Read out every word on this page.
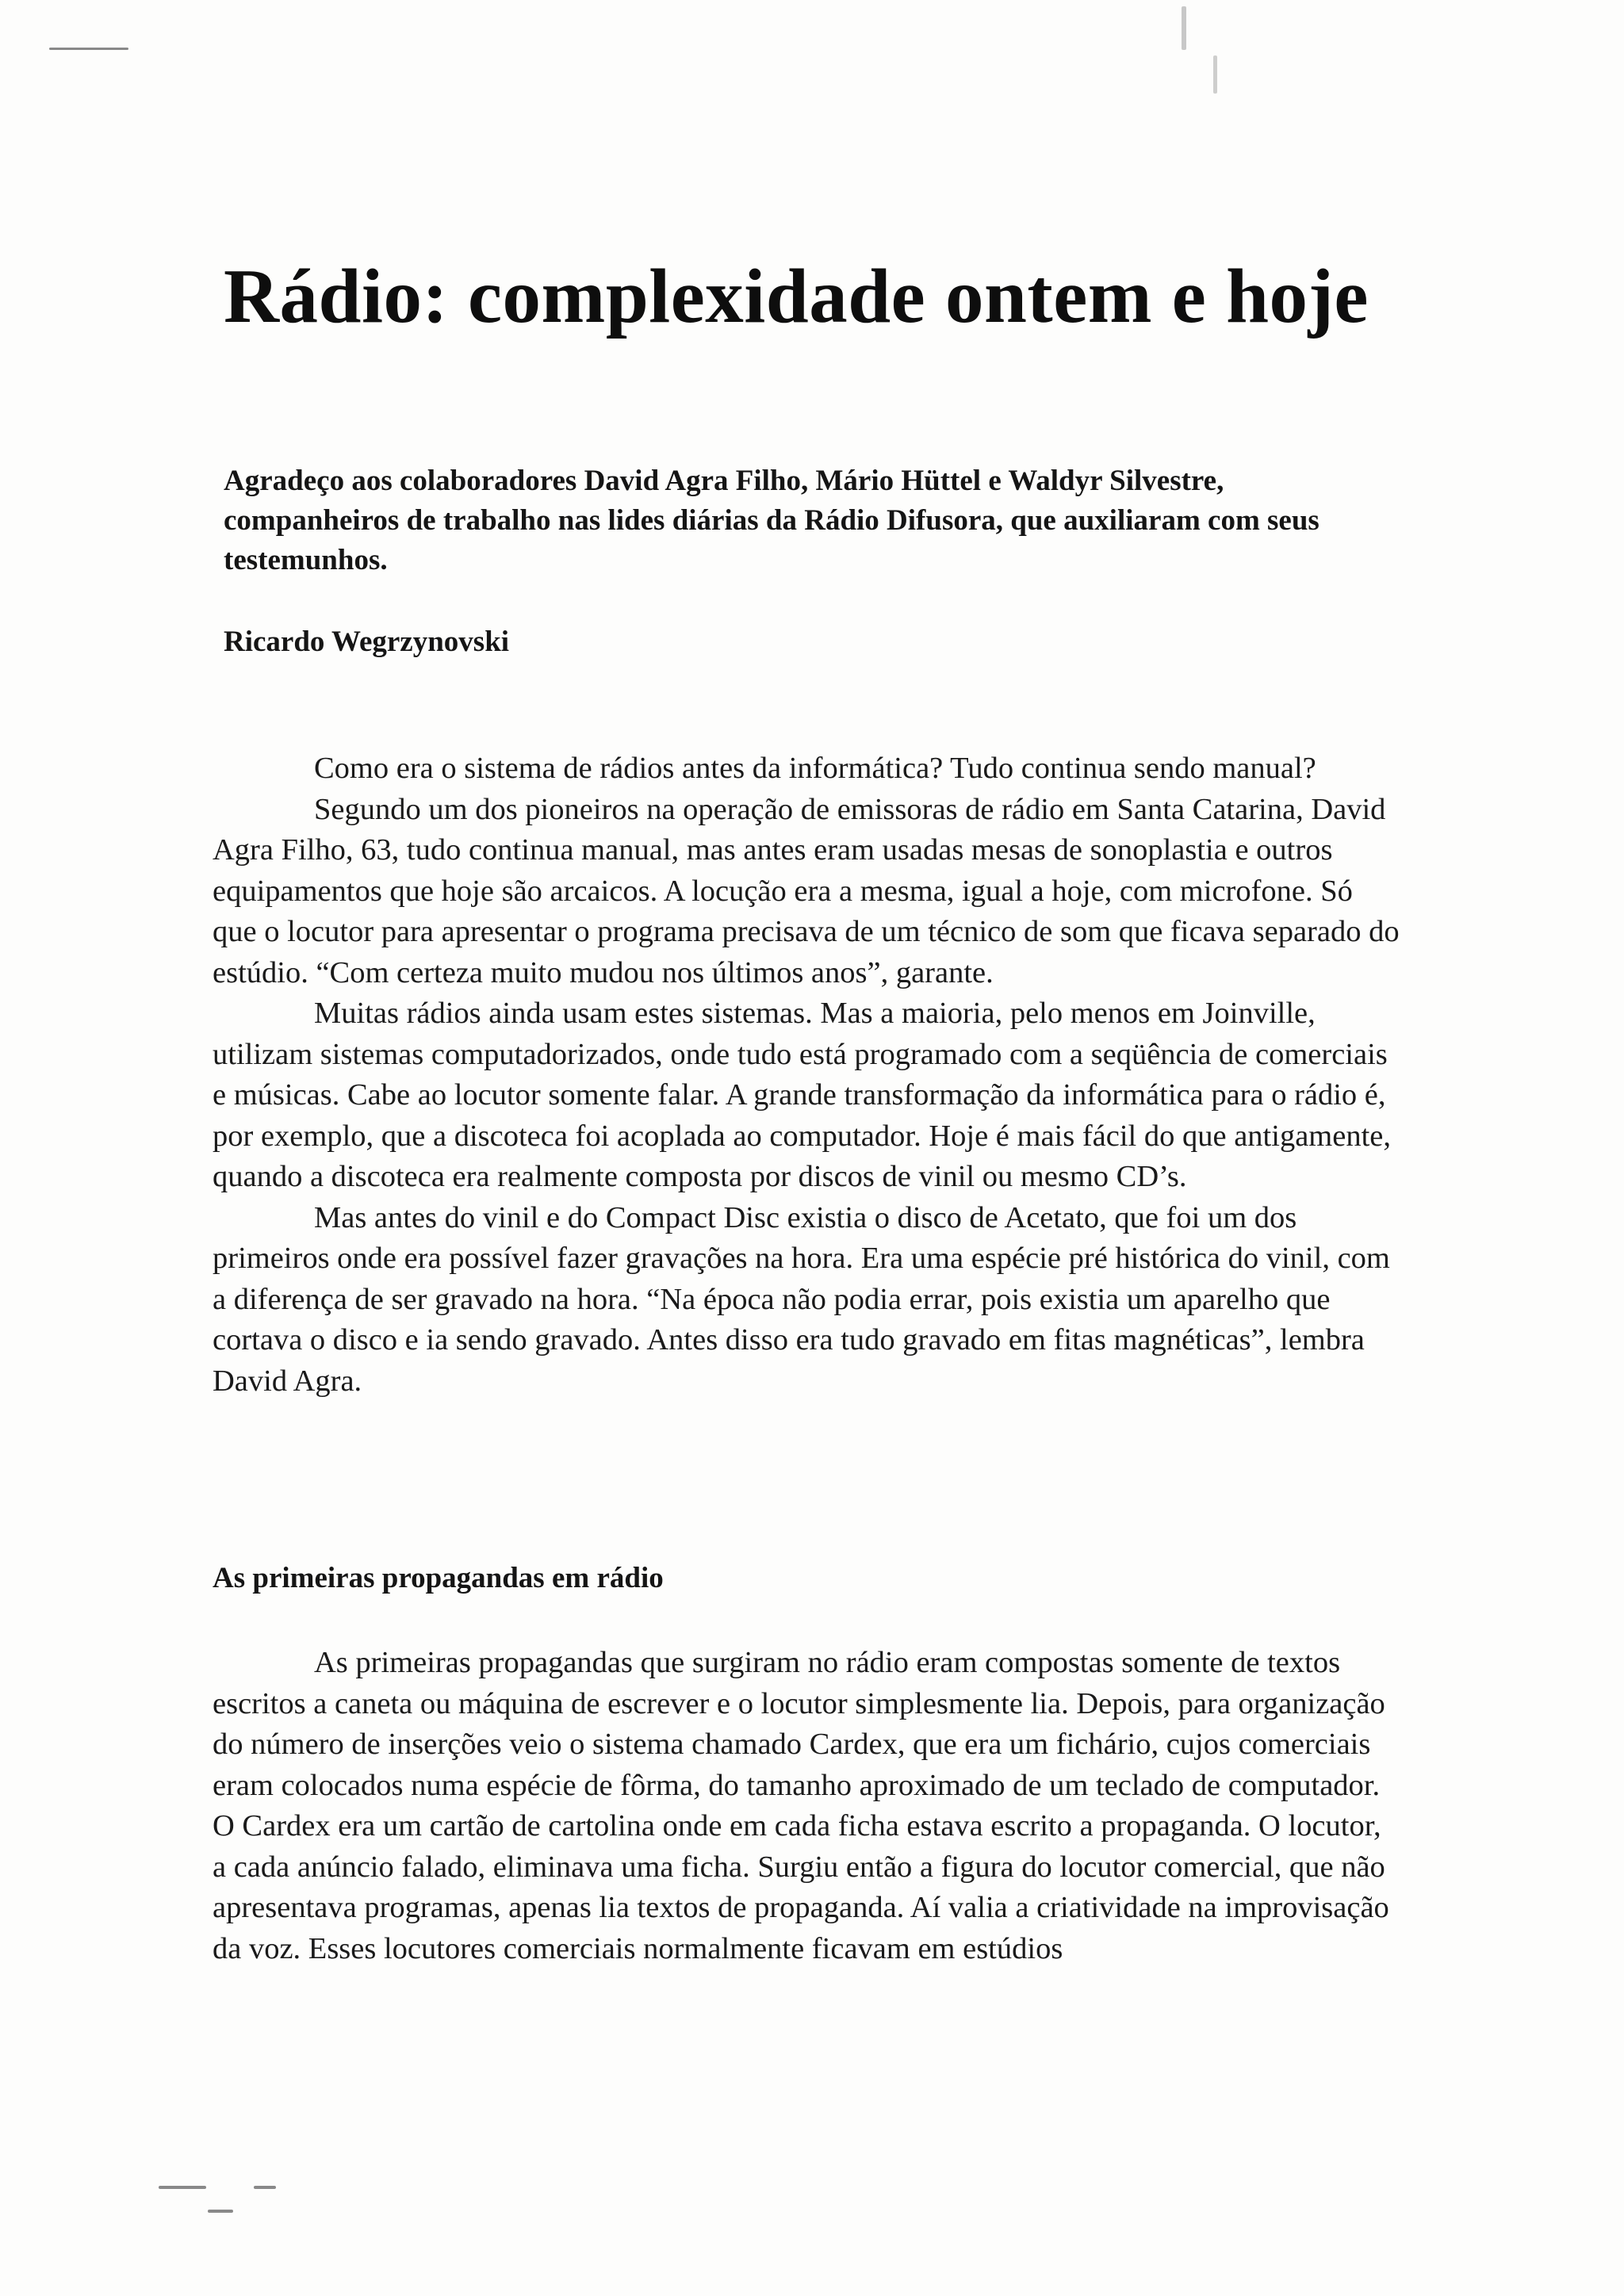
Rádio: complexidade ontem e hoje

Agradeço aos colaboradores David Agra Filho, Mário Hüttel e Waldyr Silvestre, companheiros de trabalho nas lides diárias da Rádio Difusora, que auxiliaram com seus testemunhos.

Ricardo Wegrzynovski

Como era o sistema de rádios antes da informática? Tudo continua sendo manual?

Segundo um dos pioneiros na operação de emissoras de rádio em Santa Catarina, David Agra Filho, 63, tudo continua manual, mas antes eram usadas mesas de sonoplastia e outros equipamentos que hoje são arcaicos. A locução era a mesma, igual a hoje, com microfone. Só que o locutor para apresentar o programa precisava de um técnico de som que ficava separado do estúdio. “Com certeza muito mudou nos últimos anos”, garante.

Muitas rádios ainda usam estes sistemas. Mas a maioria, pelo menos em Joinville, utilizam sistemas computadorizados, onde tudo está programado com a seqüência de comerciais e músicas. Cabe ao locutor somente falar. A grande transformação da informática para o rádio é, por exemplo, que a discoteca foi acoplada ao computador. Hoje é mais fácil do que antigamente, quando a discoteca era realmente composta por discos de vinil ou mesmo CD’s.

Mas antes do vinil e do Compact Disc existia o disco de Acetato, que foi um dos primeiros onde era possível fazer gravações na hora. Era uma espécie pré histórica do vinil, com a diferença de ser gravado na hora. “Na época não podia errar, pois existia um aparelho que cortava o disco e ia sendo gravado. Antes disso era tudo gravado em fitas magnéticas”, lembra David Agra.

As primeiras propagandas em rádio

As primeiras propagandas que surgiram no rádio eram compostas somente de textos escritos a caneta ou máquina de escrever e o locutor simplesmente lia. Depois, para organização do número de inserções veio o sistema chamado Cardex, que era um fichário, cujos comerciais eram colocados numa espécie de fôrma, do tamanho aproximado de um teclado de computador. O Cardex era um cartão de cartolina onde em cada ficha estava escrito a propaganda. O locutor, a cada anúncio falado, eliminava uma ficha. Surgiu então a figura do locutor comercial, que não apresentava programas, apenas lia textos de propaganda. Aí valia a criatividade na improvisação da voz. Esses locutores comerciais normalmente ficavam em estúdios
